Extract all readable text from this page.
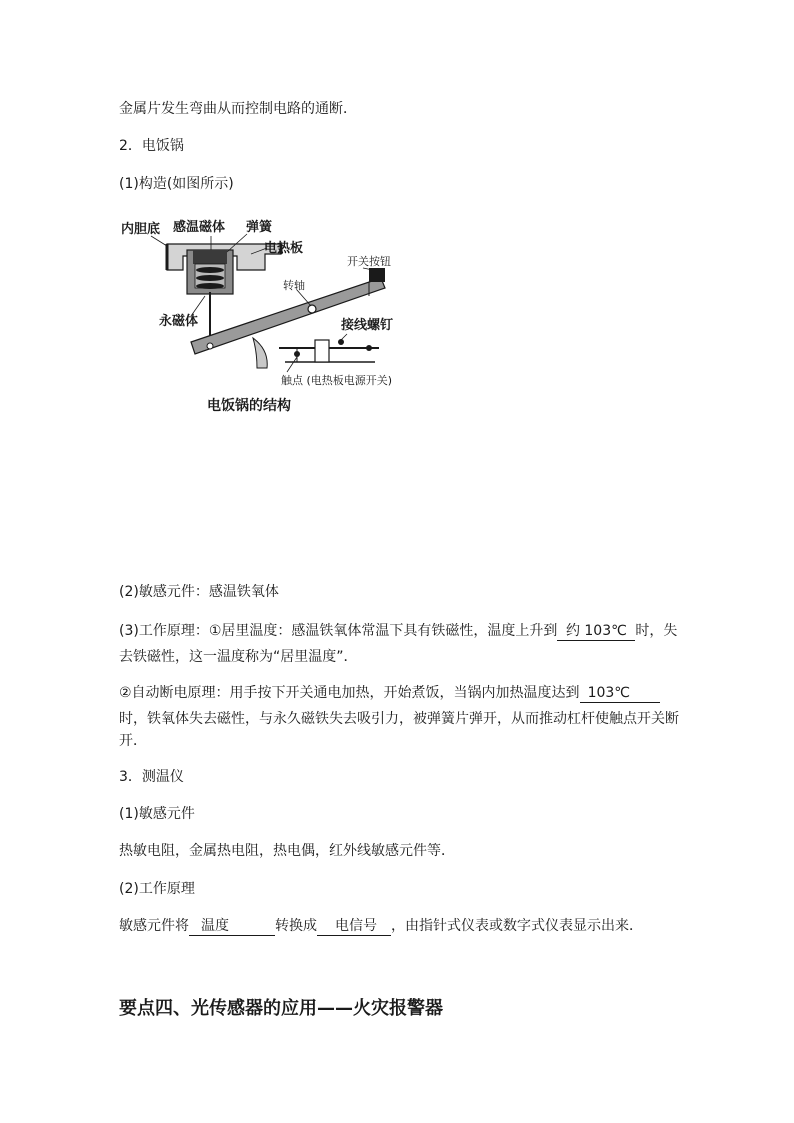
金属片发生弯曲从而控制电路的通断．
2．电饭锅
(1)构造(如图所示)
内胆底 感温磁体 弹簧
电热板
开关按钮
转轴
永磁体	接线螺钉
触点 (电热板电源开关)
电饭锅的结构
(2)敏感元件：感温铁氧体
(3)工作原理：①居里温度：感温铁氧体常温下具有铁磁性，温度上升到 约 103℃ 时，失
去铁磁性，这一温度称为“居里温度”．
②自动断电原理：用手按下开关通电加热，开始煮饭，当锅内加热温度达到 103℃
时，铁氧体失去磁性，与永久磁铁失去吸引力，被弹簧片弹开，从而推动杠杆使触点开关断
开．
3．测温仪
(1)敏感元件
热敏电阻，金属热电阻，热电偶，红外线敏感元件等．
(2)工作原理
敏感元件将 温度	转换成 电信号 ，由指针式仪表或数字式仪表显示出来．
要点四、光传感器的应用——火灾报警器
